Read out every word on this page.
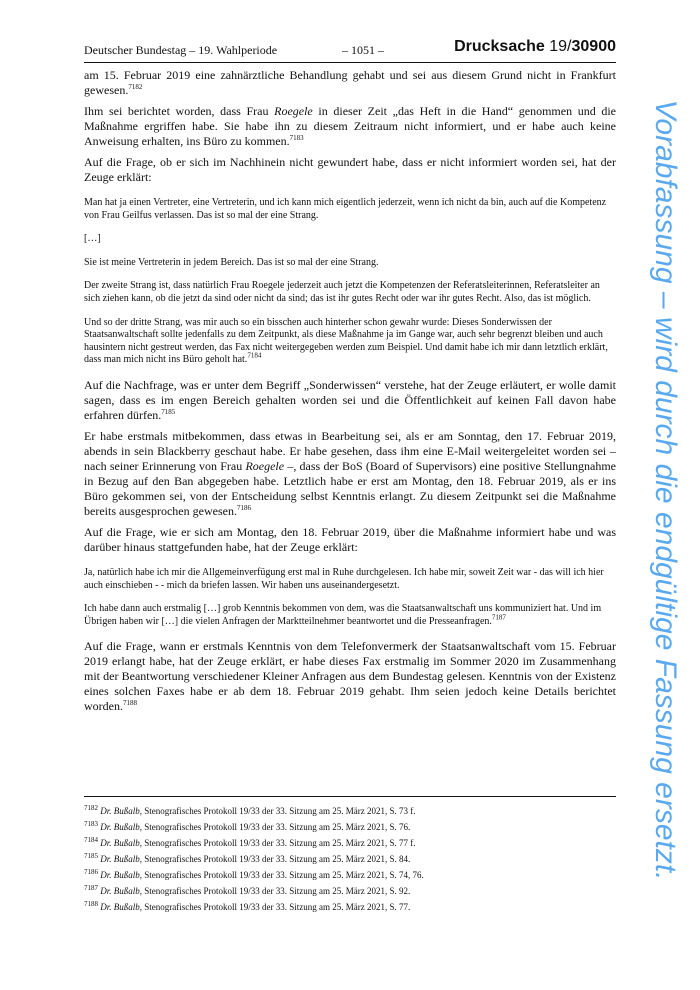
Deutscher Bundestag – 19. Wahlperiode	– 1051 –	Drucksache 19/30900

am 15. Februar 2019 eine zahnärztliche Behandlung gehabt und sei aus diesem Grund nicht in Frankfurt gewesen.$^{7182}$

Ihm sei berichtet worden, dass Frau Roegele in dieser Zeit „das Heft in die Hand“ genommen und die Maßnahme ergriffen habe. Sie habe ihn zu diesem Zeitraum nicht informiert, und er habe auch keine Anweisung erhalten, ins Büro zu kommen.$^{7183}$

Auf die Frage, ob er sich im Nachhinein nicht gewundert habe, dass er nicht informiert worden sei, hat der Zeuge erklärt:

Man hat ja einen Vertreter, eine Vertreterin, und ich kann mich eigentlich jederzeit, wenn ich nicht da bin, auch auf die Kompetenz von Frau Geilfus verlassen. Das ist so mal der eine Strang.

[…]

Sie ist meine Vertreterin in jedem Bereich. Das ist so mal der eine Strang.

Der zweite Strang ist, dass natürlich Frau Roegele jederzeit auch jetzt die Kompetenzen der Referatsleiterinnen, Referatsleiter an sich ziehen kann, ob die jetzt da sind oder nicht da sind; das ist ihr gutes Recht oder war ihr gutes Recht. Also, das ist möglich.

Und so der dritte Strang, was mir auch so ein bisschen auch hinterher schon gewahr wurde: Dieses Sonderwissen der Staatsanwaltschaft sollte jedenfalls zu dem Zeitpunkt, als diese Maßnahme ja im Gange war, auch sehr begrenzt bleiben und auch hausintern nicht gestreut werden, das Fax nicht weitergegeben werden zum Beispiel. Und damit habe ich mir dann letztlich erklärt, dass man mich nicht ins Büro geholt hat.$^{7184}$

Auf die Nachfrage, was er unter dem Begriff „Sonderwissen“ verstehe, hat der Zeuge erläutert, er wolle damit sagen, dass es im engen Bereich gehalten worden sei und die Öffentlichkeit auf keinen Fall davon habe erfahren dürfen.$^{7185}$

Er habe erstmals mitbekommen, dass etwas in Bearbeitung sei, als er am Sonntag, den 17. Februar 2019, abends in sein Blackberry geschaut habe. Er habe gesehen, dass ihm eine E-Mail weitergeleitet worden sei – nach seiner Erinnerung von Frau Roegele –, dass der BoS (Board of Supervisors) eine positive Stellungnahme in Bezug auf den Ban abgegeben habe. Letztlich habe er erst am Montag, den 18. Februar 2019, als er ins Büro gekommen sei, von der Entscheidung selbst Kenntnis erlangt. Zu diesem Zeitpunkt sei die Maßnahme bereits ausgesprochen gewesen.$^{7186}$

Auf die Frage, wie er sich am Montag, den 18. Februar 2019, über die Maßnahme informiert habe und was darüber hinaus stattgefunden habe, hat der Zeuge erklärt:

Ja, natürlich habe ich mir die Allgemeinverfügung erst mal in Ruhe durchgelesen. Ich habe mir, soweit Zeit war - das will ich hier auch einschieben - - mich da briefen lassen. Wir haben uns auseinandergesetzt.

Ich habe dann auch erstmalig […] grob Kenntnis bekommen von dem, was die Staatsanwaltschaft uns kommuniziert hat. Und im Übrigen haben wir […] die vielen Anfragen der Marktteilnehmer beantwortet und die Presseanfragen.$^{7187}$

Auf die Frage, wann er erstmals Kenntnis von dem Telefonvermerk der Staatsanwaltschaft vom 15. Februar 2019 erlangt habe, hat der Zeuge erklärt, er habe dieses Fax erstmalig im Sommer 2020 im Zusammenhang mit der Beantwortung verschiedener Kleiner Anfragen aus dem Bundestag gelesen. Kenntnis von der Existenz eines solchen Faxes habe er ab dem 18. Februar 2019 gehabt. Ihm seien jedoch keine Details berichtet worden.$^{7188}$

$^{7182}$ Dr. Bußalb, Stenografisches Protokoll 19/33 der 33. Sitzung am 25. März 2021, S. 73 f.
$^{7183}$ Dr. Bußalb, Stenografisches Protokoll 19/33 der 33. Sitzung am 25. März 2021, S. 76.
$^{7184}$ Dr. Bußalb, Stenografisches Protokoll 19/33 der 33. Sitzung am 25. März 2021, S. 77 f.
$^{7185}$ Dr. Bußalb, Stenografisches Protokoll 19/33 der 33. Sitzung am 25. März 2021, S. 84.
$^{7186}$ Dr. Bußalb, Stenografisches Protokoll 19/33 der 33. Sitzung am 25. März 2021, S. 74, 76.
$^{7187}$ Dr. Bußalb, Stenografisches Protokoll 19/33 der 33. Sitzung am 25. März 2021, S. 92.
$^{7188}$ Dr. Bußalb, Stenografisches Protokoll 19/33 der 33. Sitzung am 25. März 2021, S. 77.
Vorabfassung – wird durch die endgültige Fassung ersetzt.
